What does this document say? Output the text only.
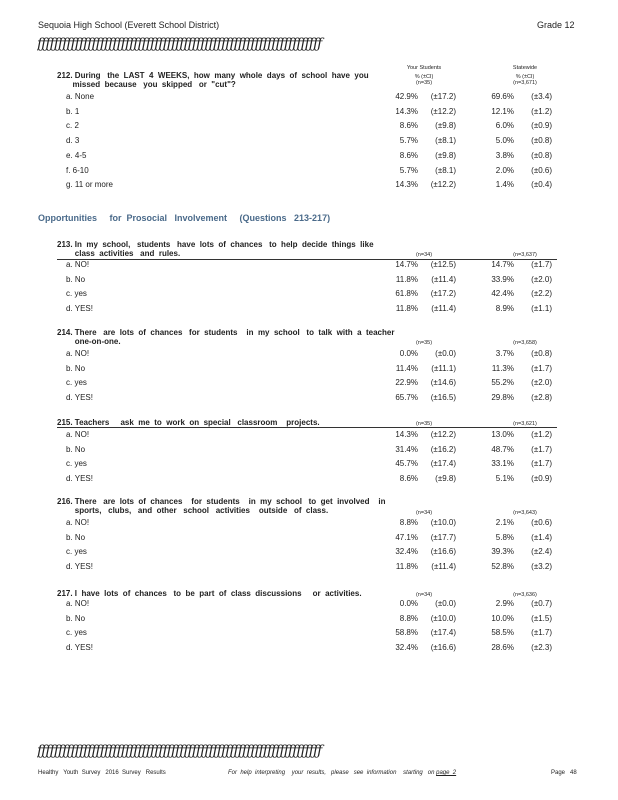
Sequoia High School (Everett School District)	Grade 12
ƒƒƒƒƒƒƒƒƒƒƒƒƒƒƒƒƒƒƒƒƒƒƒƒƒƒƒƒƒƒƒƒƒƒƒƒƒƒƒƒƒƒƒƒƒƒƒƒƒƒƒƒƒƒƒƒƒƒƒƒƒƒƒƒƒƒƒƒ
Your Students	Statewide
% (±CI)	% (±CI)
(n=35)	(n=3,671)
212. During   the  LAST  4  WEEKS,  how  many  whole  days  of  school  have  you
missed  because   you  skipped   or  "cut"?
a. None	42.9%	(±17.2)	69.6%	(±3.4)
b. 1	14.3%	(±12.2)	12.1%	(±1.2)
c. 2	8.6%	(±9.8)	6.0%	(±0.9)
d. 3	5.7%	(±8.1)	5.0%	(±0.8)
e. 4-5	8.6%	(±9.8)	3.8%	(±0.8)
f. 6-10	5.7%	(±8.1)	2.0%	(±0.6)
g. 11 or more	14.3%	(±12.2)	1.4%	(±0.4)
Opportunities     for  Prosocial   Involvement     (Questions   213-217)
213. In  my  school,   students   have  lots  of  chances   to  help  decide  things  like
class  activities   and  rules.	(n=34)	(n=3,637)
a. NO!	14.7%	(±12.5)	14.7%	(±1.7)
b. No	11.8%	(±11.4)	33.9%	(±2.0)
c. yes	61.8%	(±17.2)	42.4%	(±2.2)
d. YES!	11.8%	(±11.4)	8.9%	(±1.1)
214. There   are  lots  of  chances   for  students    in  my  school   to  talk  with  a  teacher
one-on-one.	(n=35)	(n=3,658)
a. NO!	0.0%	(±0.0)	3.7%	(±0.8)
b. No	11.4%	(±11.1)	11.3%	(±1.7)
c. yes	22.9%	(±14.6)	55.2%	(±2.0)
d. YES!	65.7%	(±16.5)	29.8%	(±2.8)
215. Teachers     ask  me  to  work  on  special   classroom    projects.	(n=35)	(n=3,621)
a. NO!	14.3%	(±12.2)	13.0%	(±1.2)
b. No	31.4%	(±16.2)	48.7%	(±1.7)
c. yes	45.7%	(±17.4)	33.1%	(±1.7)
d. YES!	8.6%	(±9.8)	5.1%	(±0.9)
216. There   are  lots  of  chances    for  students    in  my  school   to  get  involved    in
sports,   clubs,   and  other   school   activities    outside   of  class.	(n=34)	(n=3,643)
a. NO!	8.8%	(±10.0)	2.1%	(±0.6)
b. No	47.1%	(±17.7)	5.8%	(±1.4)
c. yes	32.4%	(±16.6)	39.3%	(±2.4)
d. YES!	11.8%	(±11.4)	52.8%	(±3.2)
217. I  have  lots  of  chances   to  be  part  of  class  discussions     or  activities.	(n=34)	(n=3,636)
a. NO!	0.0%	(±0.0)	2.9%	(±0.7)
b. No	8.8%	(±10.0)	10.0%	(±1.5)
c. yes	58.8%	(±17.4)	58.5%	(±1.7)
d. YES!	32.4%	(±16.6)	28.6%	(±2.3)
ƒƒƒƒƒƒƒƒƒƒƒƒƒƒƒƒƒƒƒƒƒƒƒƒƒƒƒƒƒƒƒƒƒƒƒƒƒƒƒƒƒƒƒƒƒƒƒƒƒƒƒƒƒƒƒƒƒƒƒƒƒƒƒƒƒƒƒƒ
Healthy   Youth  Survey   2016  Survey   Results	For  help  interpreting    your  results,   please   see  information    starting   on page  2	Page   48
